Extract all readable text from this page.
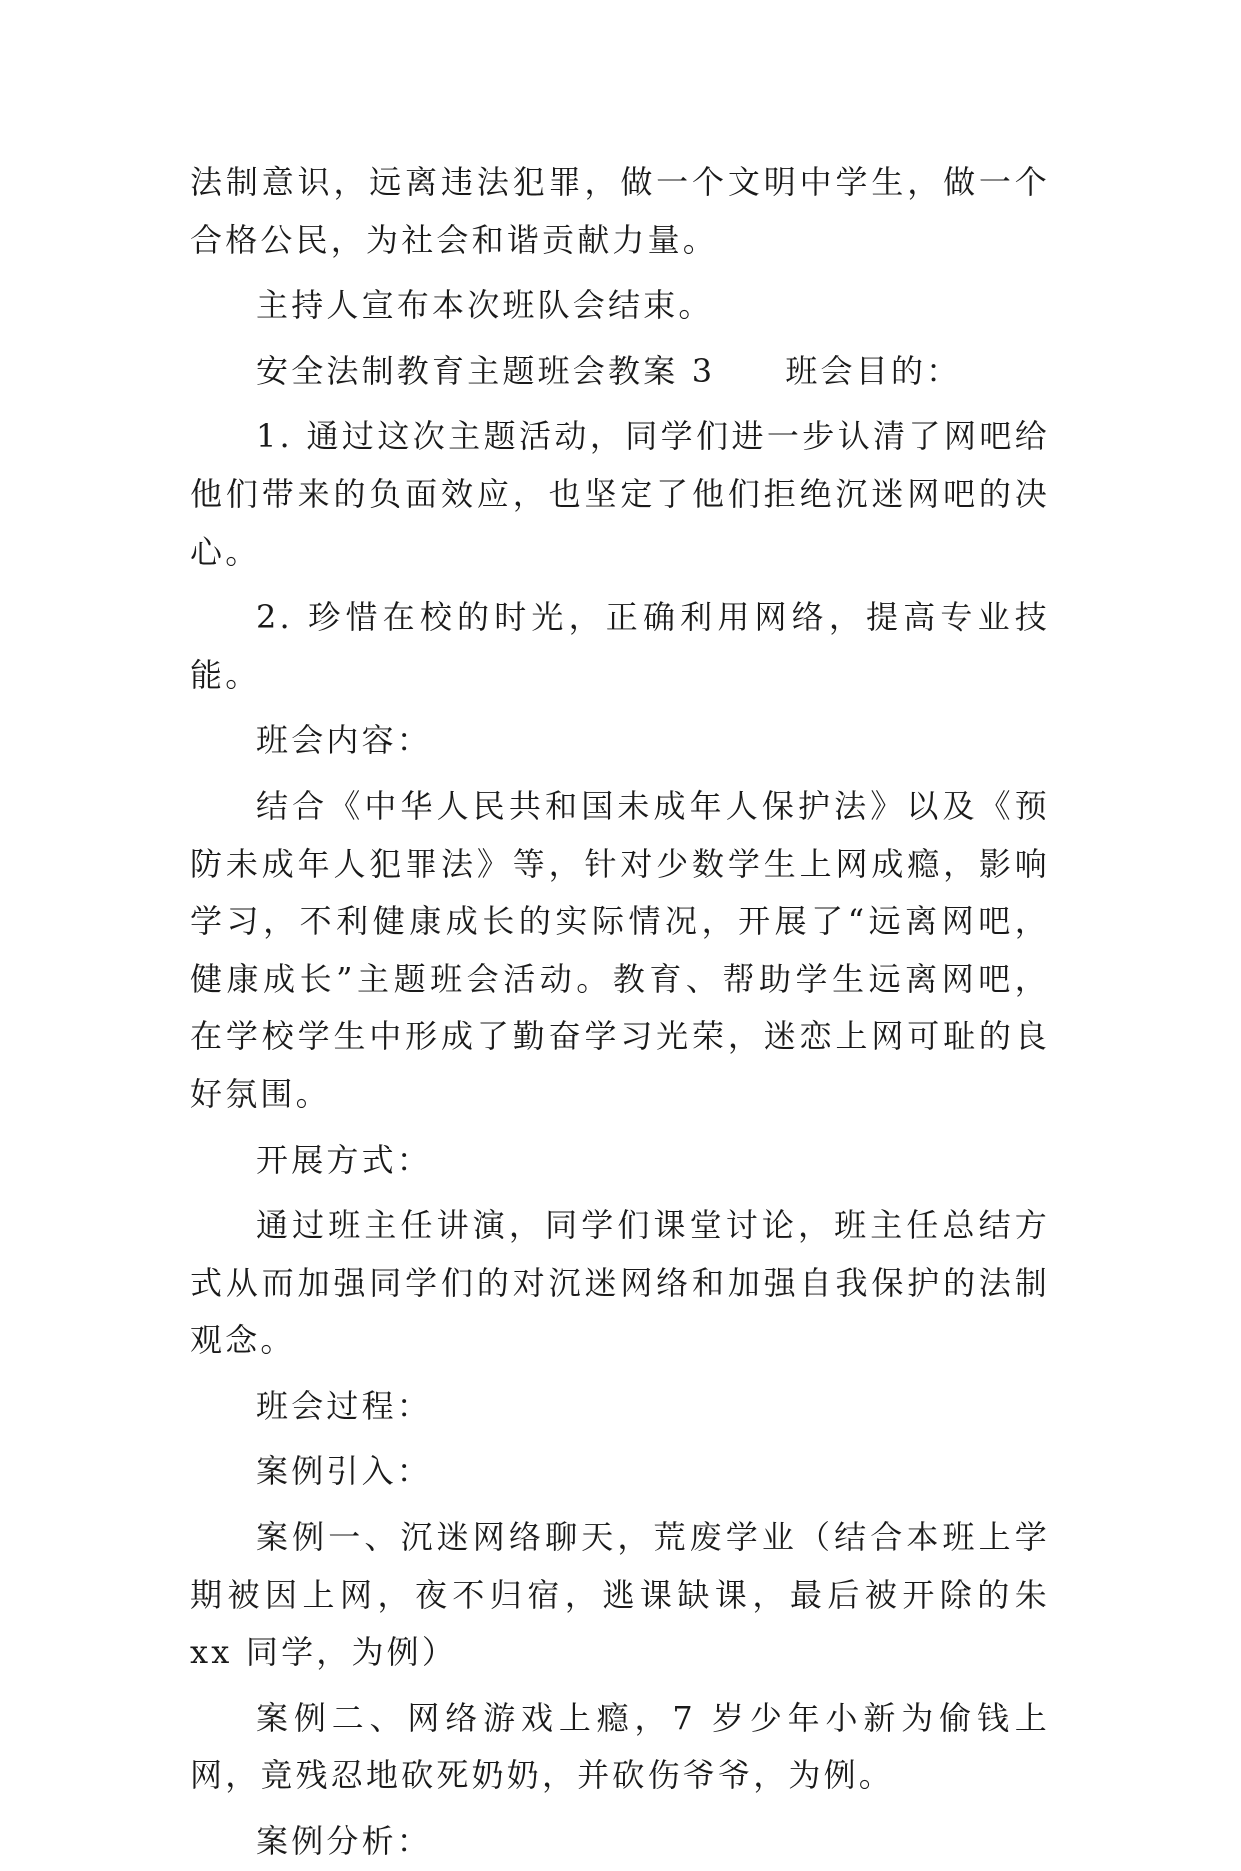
法制意识，远离违法犯罪，做一个文明中学生，做一个合格公民，为社会和谐贡献力量。

主持人宣布本次班队会结束。

安全法制教育主题班会教案 3 班会目的：

1. 通过这次主题活动，同学们进一步认清了网吧给他们带来的负面效应，也坚定了他们拒绝沉迷网吧的决心。

2. 珍惜在校的时光，正确利用网络，提高专业技能。

班会内容：

结合《中华人民共和国未成年人保护法》以及《预防未成年人犯罪法》等，针对少数学生上网成瘾，影响学习，不利健康成长的实际情况，开展了“远离网吧，健康成长”主题班会活动。教育、帮助学生远离网吧，在学校学生中形成了勤奋学习光荣，迷恋上网可耻的良好氛围。

开展方式：

通过班主任讲演，同学们课堂讨论，班主任总结方式从而加强同学们的对沉迷网络和加强自我保护的法制观念。

班会过程：

案例引入：

案例一、沉迷网络聊天，荒废学业（结合本班上学期被因上网，夜不归宿，逃课缺课，最后被开除的朱 xx 同学，为例）

案例二、网络游戏上瘾，7 岁少年小新为偷钱上网，竟残忍地砍死奶奶，并砍伤爷爷，为例。

案例分析：
